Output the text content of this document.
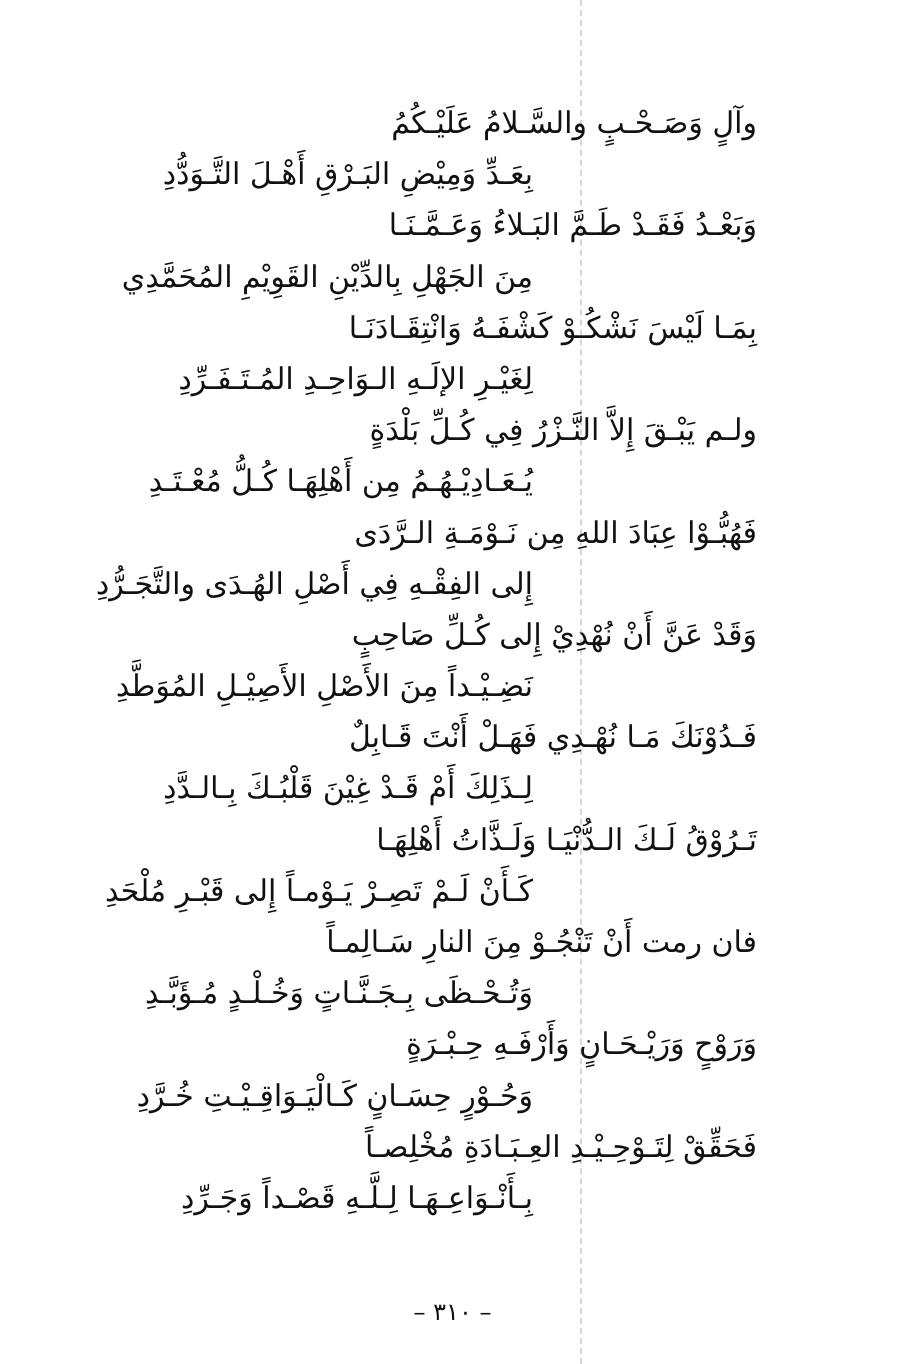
وآلٍ وَصَـحْـبٍ والسَّـلامُ عَلَيْـكُمُ
بِعَـدِّ وَمِيْضِ البَـرْقِ أَهْـلَ التَّـوَدُّدِ
وَبَعْـدُ فَقَـدْ طَـمَّ البَـلاءُ وَعَـمَّـنَـا
مِنَ الجَهْلِ بِالدِّيْنِ القَوِيْمِ المُحَمَّدِي
بِمَـا لَيْسَ نَشْكُـوْ كَشْفَـهُ وَانْتِقَـادَنَـا
لِغَيْـرِ الإلَـهِ الـوَاحِـدِ المُـتَـفَـرِّدِ
ولـم يَبْـقَ إِلاَّ النَّـزْرُ فِي كُـلِّ بَلْدَةٍ
يُـعَـادِيْـهُـمُ مِن أَهْلِهَـا كُـلُّ مُعْـتَـدِ
فَهُبُّـوْا عِبَادَ اللهِ مِن نَـوْمَـةِ الـرَّدَى
إِلى الفِقْـهِ فِي أَصْلِ الهُـدَى والتَّجَـرُّدِ
وَقَدْ عَنَّ أَنْ نُهْدِيْ إِلى كُـلِّ صَاحِبٍ
نَضِـيْـداً مِنَ الأَصْلِ الأَصِيْـلِ المُوَطَّدِ
فَـدُوْنَكَ مَـا نُهْـدِي فَهَـلْ أَنْتَ قَـابِلٌ
لِـذَلِكَ أَمْ قَـدْ غِيْنَ قَلْبُـكَ بِـالـدَّدِ
تَـرُوْقُ لَـكَ الـدُّنْيَـا وَلَـذَّاتُ أَهْلِهَـا
كَـأَنْ لَـمْ تَصِـرْ يَـوْمـاً إِلى قَبْـرِ مُلْحَدِ
فان رمت أَنْ تَنْجُـوْ مِنَ النارِ سَـالِمـاً
وَتُـحْـظَى بِـجَـنَّـاتٍ وَخُـلْـدٍ مُـؤَبَّـدِ
وَرَوْحٍ وَرَيْـحَـانٍ وَأَرْفَـهِ حِـبْـرَةٍ
وَحُـوْرٍ حِسَـانٍ كَـالْيَـوَاقِـيْـتِ خُـرَّدِ
فَحَقِّقْ لِتَـوْحِـيْـدِ العِـبَـادَةِ مُخْلِصـاً
بِـأَنْـوَاعِـهَـا لِـلَّـهِ قَصْـداً وَجَـرِّدِ
– ٣١٠ –
